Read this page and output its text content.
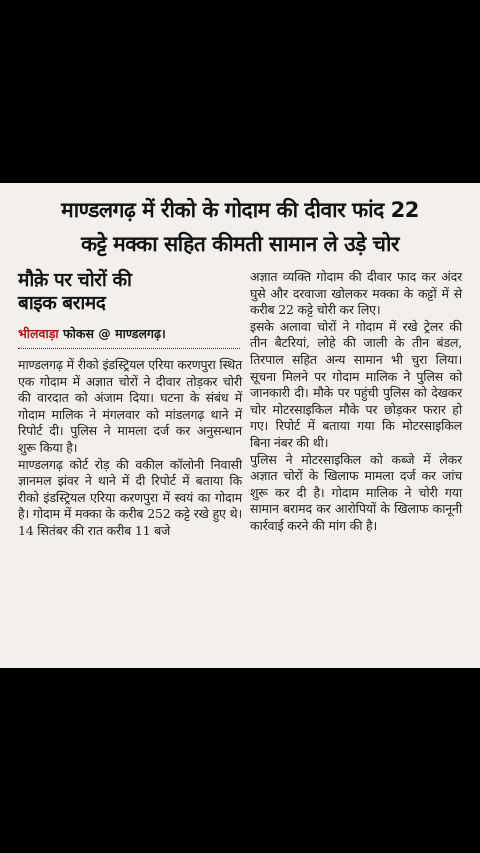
माण्डलगढ़ में रीको के गोदाम की दीवार फांद 22
कट्टे मक्का सहित कीमती सामान ले उड़े चोर
मौक़े पर चोरों की
बाइक बरामद
भीलवाड़ा फोकस @ माण्डलगढ़।
माण्डलगढ़ में रीको इंडस्ट्रियल एरिया करणपुरा स्थित एक गोदाम में अज्ञात चोरों ने दीवार तोड़कर चोरी की वारदात को अंजाम दिया। घटना के संबंध में गोदाम मालिक ने मंगलवार को मांडलगढ़ थाने में रिपोर्ट दी। पुलिस ने मामला दर्ज कर अनुसन्धान शुरू किया है।
माण्डलगढ़ कोर्ट रोड़ की वकील कॉलोनी निवासी ज्ञानमल झंवर ने थाने में दी रिपोर्ट में बताया कि रीको इंडस्ट्रियल एरिया करणपुरा में स्वयं का गोदाम है। गोदाम में मक्का के करीब 252 कट्टे रखे हुए थे। 14 सितंबर की रात करीब 11 बजे
अज्ञात व्यक्ति गोदाम की दीवार फाद कर अंदर घुसे और दरवाजा खोलकर मक्का के कट्टों में से करीब 22 कट्टे चोरी कर लिए।
इसके अलावा चोरों ने गोदाम में रखे ट्रेलर की तीन बैटरियां, लोहे की जाली के तीन बंडल, तिरपाल सहित अन्य सामान भी चुरा लिया। सूचना मिलने पर गोदाम मालिक ने पुलिस को जानकारी दी। मौके पर पहुंची पुलिस को देखकर चोर मोटरसाइकिल मौके पर छोड़कर फरार हो गए। रिपोर्ट में बताया गया कि मोटरसाइकिल बिना नंबर की थी।
पुलिस ने मोटरसाइकिल को कब्जे में लेकर अज्ञात चोरों के खिलाफ मामला दर्ज कर जांच शुरू कर दी है। गोदाम मालिक ने चोरी गया सामान बरामद कर आरोपियों के खिलाफ कानूनी कार्रवाई करने की मांग की है।
